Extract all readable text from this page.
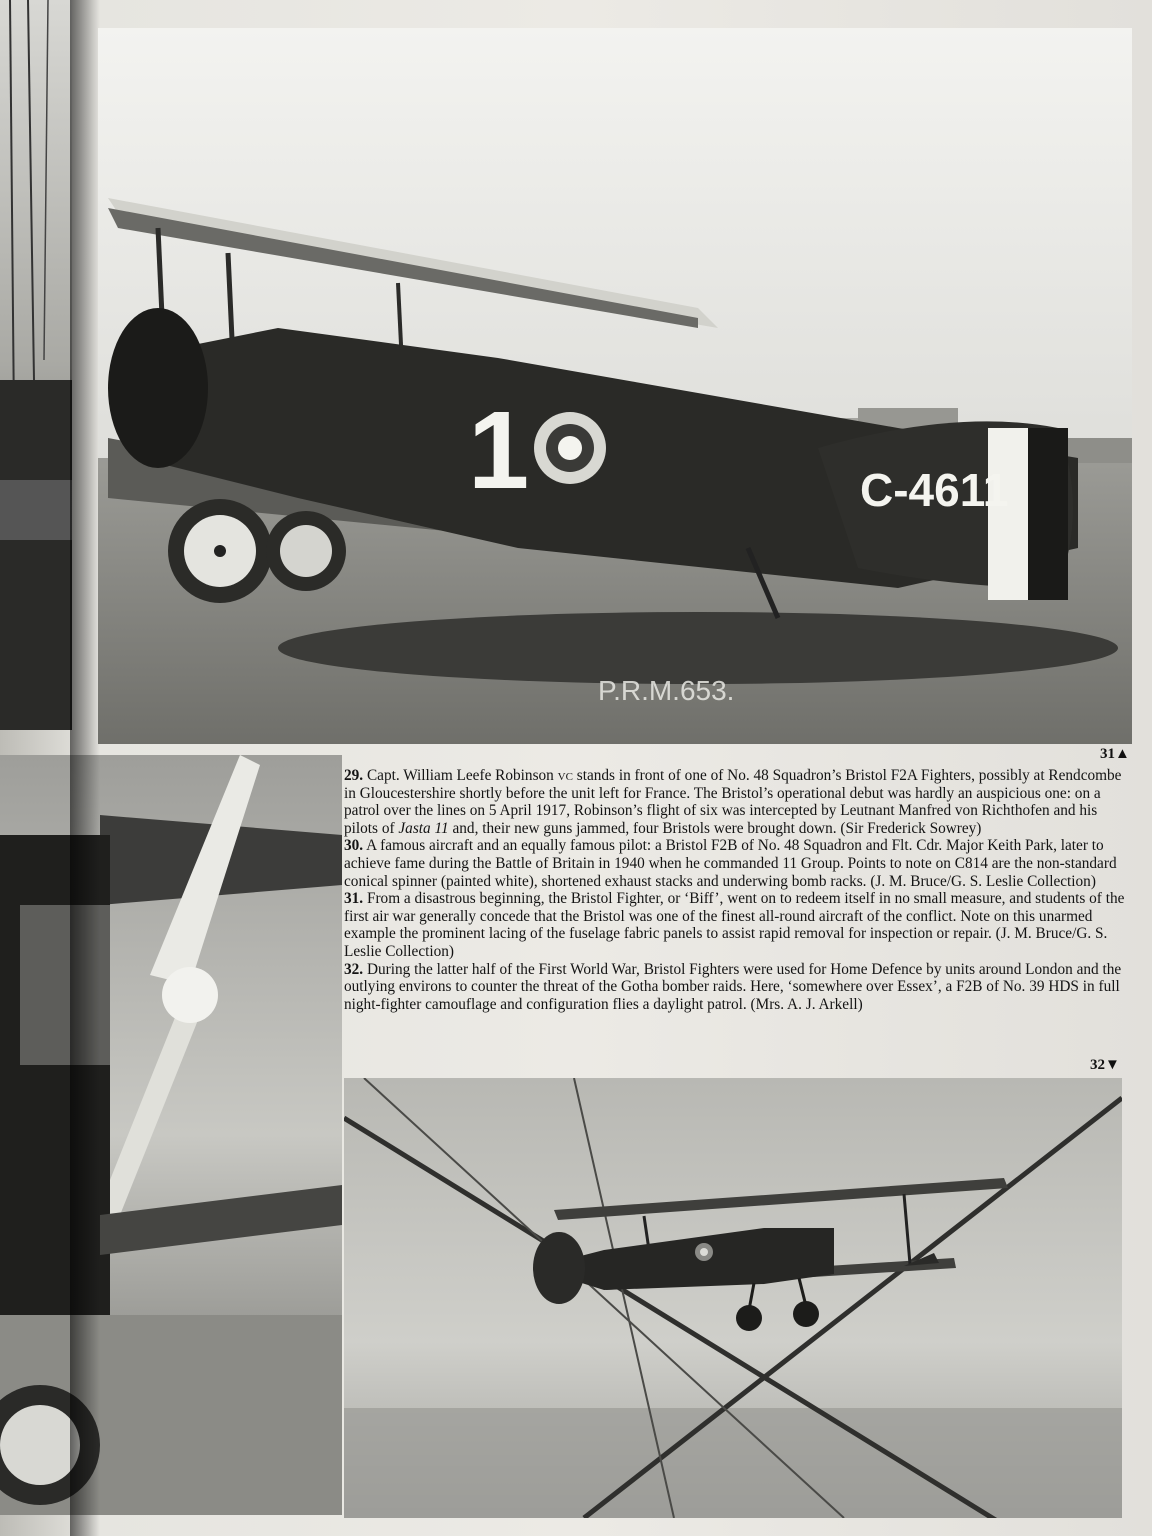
1	C-4611
P.R.M.653.
31▲

29. Capt. William Leefe Robinson vc stands in front of one of No. 48 Squadron’s Bristol F2A Fighters, possibly at Rendcombe in Gloucestershire shortly before the unit left for France. The Bristol’s operational debut was hardly an auspicious one: on a patrol over the lines on 5 April 1917, Robinson’s flight of six was intercepted by Leutnant Manfred von Richthofen and his pilots of Jasta 11 and, their new guns jammed, four Bristols were brought down. (Sir Frederick Sowrey)

30. A famous aircraft and an equally famous pilot: a Bristol F2B of No. 48 Squadron and Flt. Cdr. Major Keith Park, later to achieve fame during the Battle of Britain in 1940 when he commanded 11 Group. Points to note on C814 are the non-standard conical spinner (painted white), shortened exhaust stacks and underwing bomb racks. (J. M. Bruce/G. S. Leslie Collection)

31. From a disastrous beginning, the Bristol Fighter, or ‘Biff’, went on to redeem itself in no small measure, and students of the first air war generally concede that the Bristol was one of the finest all-round aircraft of the conflict. Note on this unarmed example the prominent lacing of the fuselage fabric panels to assist rapid removal for inspection or repair. (J. M. Bruce/G. S. Leslie Collection)

32. During the latter half of the First World War, Bristol Fighters were used for Home Defence by units around London and the outlying environs to counter the threat of the Gotha bomber raids. Here, ‘somewhere over Essex’, a F2B of No. 39 HDS in full night-fighter camouflage and configuration flies a daylight patrol. (Mrs. A. J. Arkell)

32▼
